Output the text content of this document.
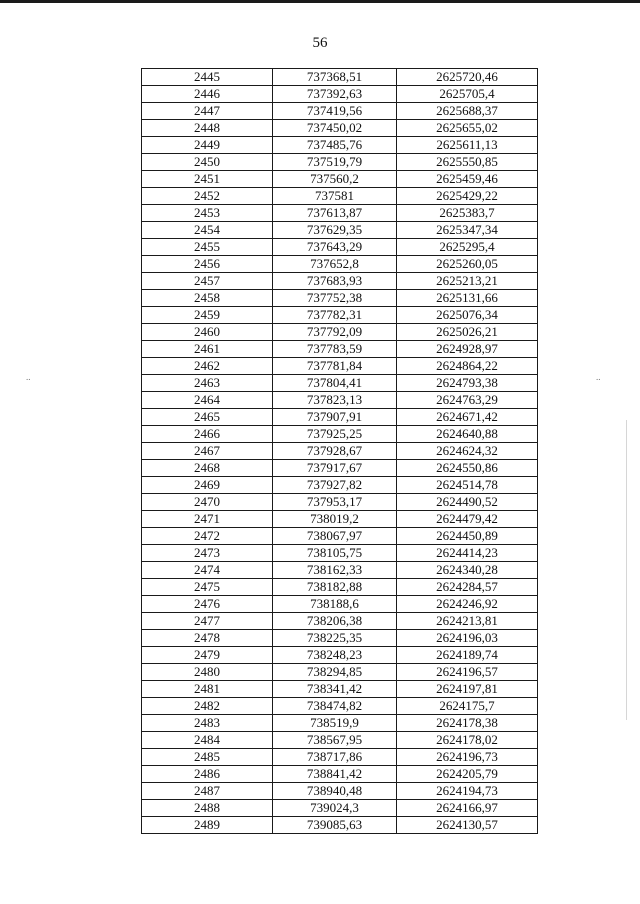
56
2445	737368,51	2625720,46
2446	737392,63	2625705,4
2447	737419,56	2625688,37
2448	737450,02	2625655,02
2449	737485,76	2625611,13
2450	737519,79	2625550,85
2451	737560,2	2625459,46
2452	737581	2625429,22
2453	737613,87	2625383,7
2454	737629,35	2625347,34
2455	737643,29	2625295,4
2456	737652,8	2625260,05
2457	737683,93	2625213,21
2458	737752,38	2625131,66
2459	737782,31	2625076,34
2460	737792,09	2625026,21
2461	737783,59	2624928,97
2462	737781,84	2624864,22
2463	737804,41	2624793,38
2464	737823,13	2624763,29
2465	737907,91	2624671,42
2466	737925,25	2624640,88
2467	737928,67	2624624,32
2468	737917,67	2624550,86
2469	737927,82	2624514,78
2470	737953,17	2624490,52
2471	738019,2	2624479,42
2472	738067,97	2624450,89
2473	738105,75	2624414,23
2474	738162,33	2624340,28
2475	738182,88	2624284,57
2476	738188,6	2624246,92
2477	738206,38	2624213,81
2478	738225,35	2624196,03
2479	738248,23	2624189,74
2480	738294,85	2624196,57
2481	738341,42	2624197,81
2482	738474,82	2624175,7
2483	738519,9	2624178,38
2484	738567,95	2624178,02
2485	738717,86	2624196,73
2486	738841,42	2624205,79
2487	738940,48	2624194,73
2488	739024,3	2624166,97
2489	739085,63	2624130,57
..	..
